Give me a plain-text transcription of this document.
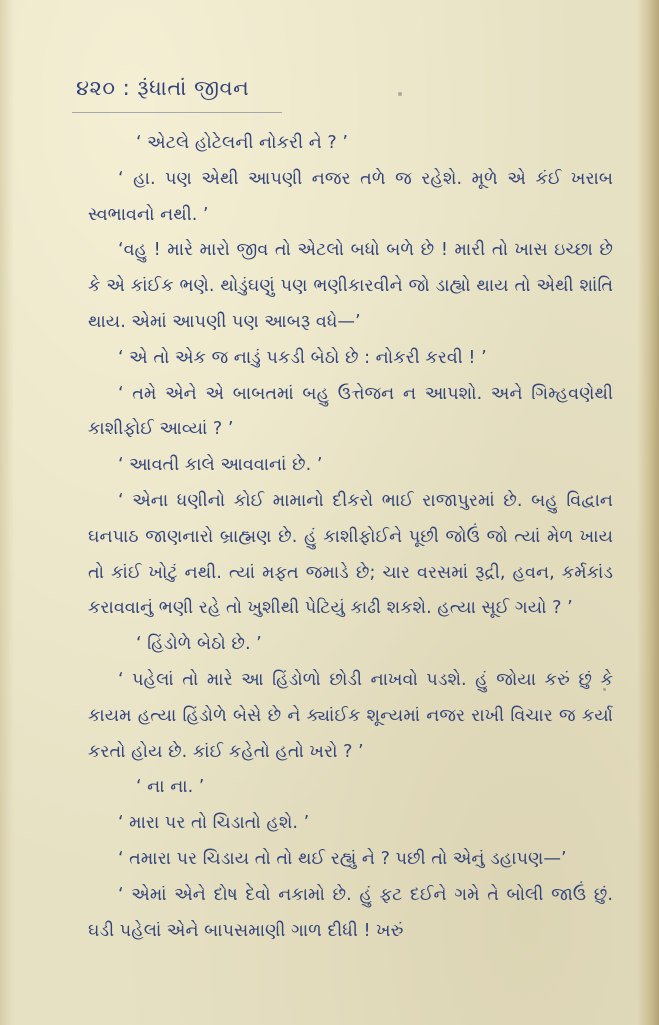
૪૨૦ : રૂંધાતાં જીવન

‘ એટલે હોટેલની નોકરી ને ? ’

‘ હા. પણ એથી આપણી નજર તળે જ રહેશે. મૂળે એ કંઈ ખરાબ સ્વભાવનો નથી. ’

‘વહુ ! મારે મારો જીવ તો એટલો બધો બળે છે ! મારી તો ખાસ ઇચ્છા છે કે એ કાંઈક ભણે. થોડુંઘણું પણ ભણીકારવીને જો ડાહ્યો થાય તો એથી શાંતિ થાય. એમાં આપણી પણ આબરૂ વધે—’

‘ એ તો એક જ નાડું પકડી બેઠો છે : નોકરી કરવી ! ’

‘ તમે એને એ બાબતમાં બહુ ઉત્તેજન ન આપશો. અને ગિમ્હવણેથી કાશીફોઈ આવ્યાં ? ’

‘ આવતી કાલે આવવાનાં છે. ’

‘ એના ધણીનો કોઈ મામાનો દીકરો ભાઈ રાજાપુરમાં છે. બહુ વિદ્વાન ઘનપાઠ જાણનારો બ્રાહ્મણ છે. હું કાશીફોઈને પૂછી જોઉં જો ત્યાં મેળ ખાય તો કાંઈ ખોટું નથી. ત્યાં મફત જમાડે છે; ચાર વરસમાં રૂદ્રી, હવન, કર્મકાંડ કરાવવાનું ભણી રહે તો ખુશીથી પેટિયું કાઢી શકશે. હત્યા સૂઈ ગયો ? ’

‘ હિંડોળે બેઠો છે. ’

‘ પહેલાં તો મારે આ હિંડોળો છોડી નાખવો પડશે. હું જોયા કરું છું કે કાયમ હત્યા હિંડોળે બેસે છે ને ક્યાંઈક શૂન્યમાં નજર રાખી વિચાર જ કર્યા કરતો હોય છે. કાંઈ કહેતો હતો ખરો ? ’

‘ ના ના. ’

‘ મારા પર તો ચિડાતો હશે. ’

‘ તમારા પર ચિડાય તો તો થઈ રહ્યું ને ? પછી તો એનું ડહાપણ—’

‘ એમાં એને દોષ દેવો નકામો છે. હું ફટ દઈને ગમે તે બોલી જાઉં છું. ઘડી પહેલાં એને બાપસમાણી ગાળ દીધી ! ખરું
